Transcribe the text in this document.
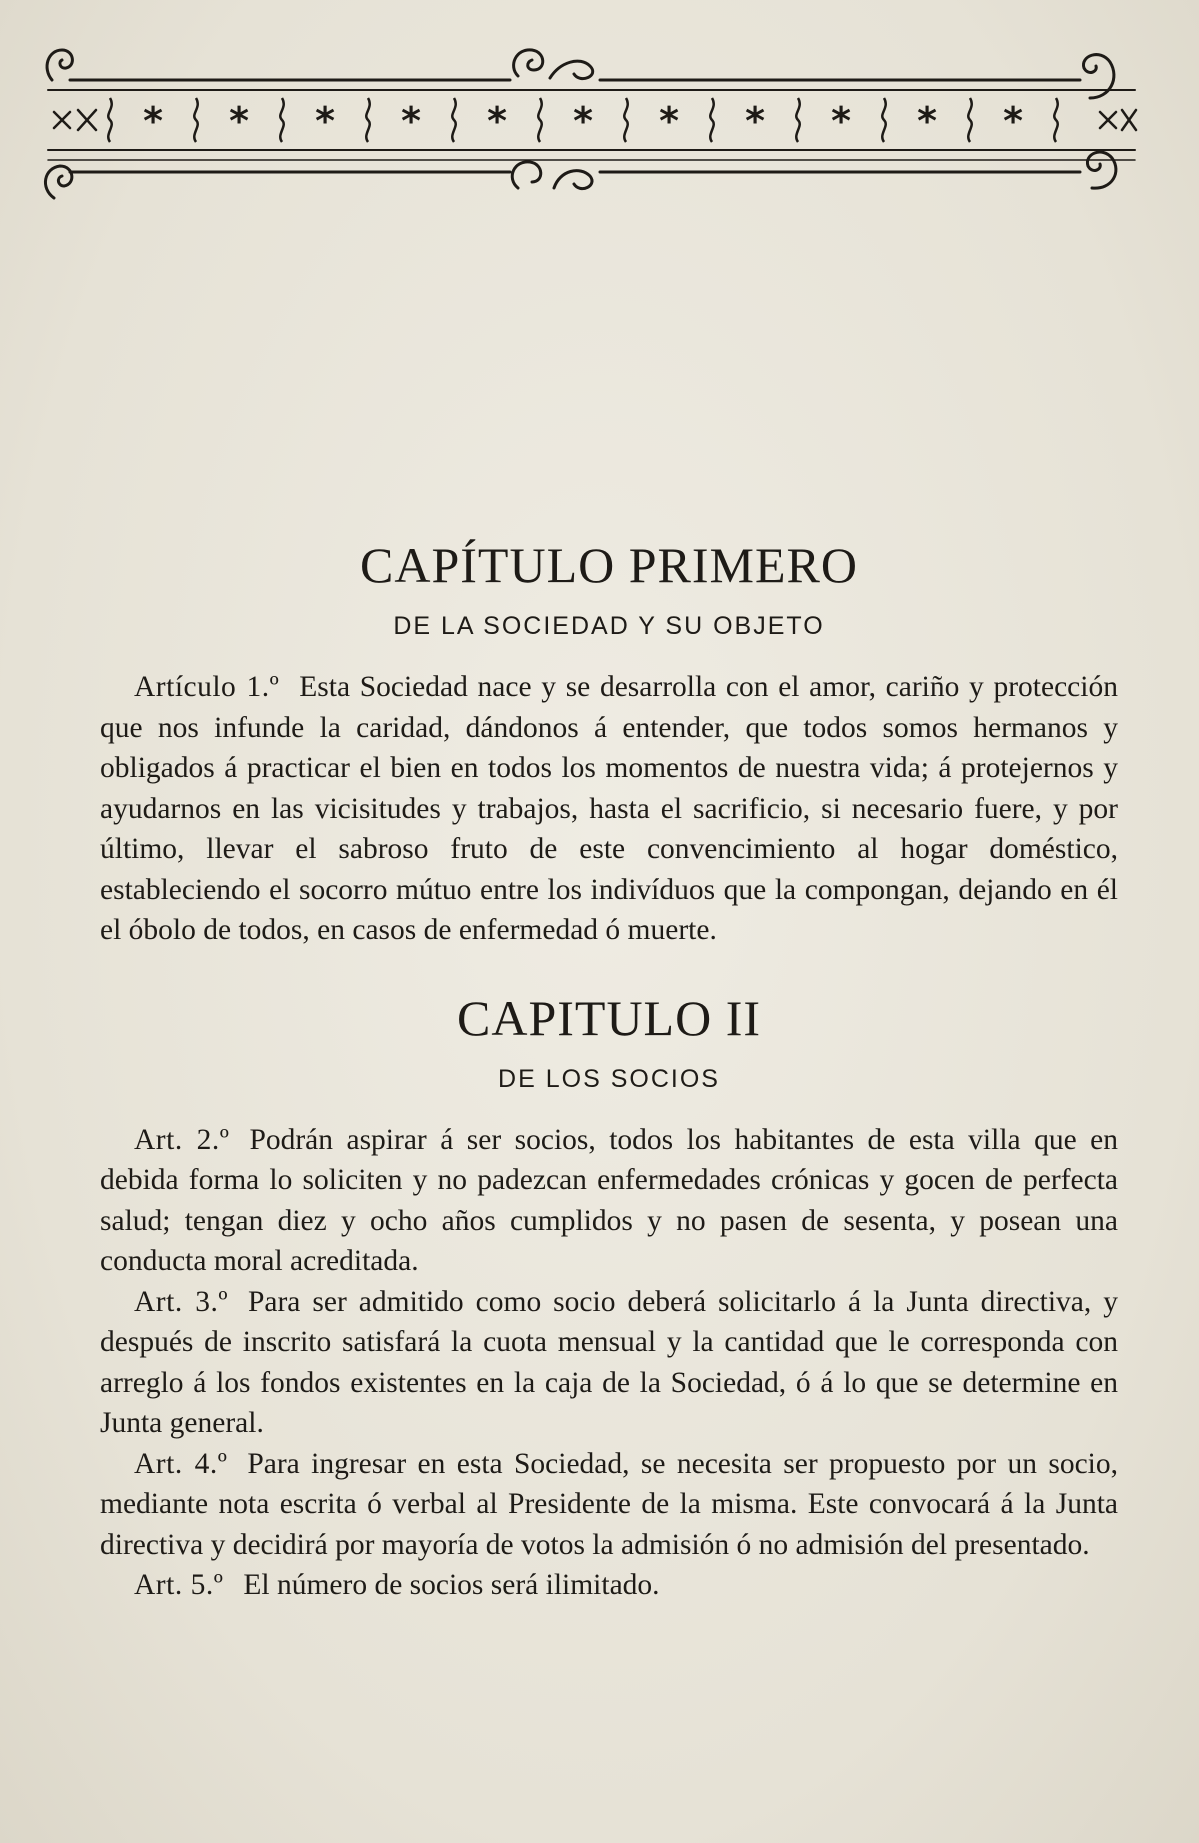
* * * * * * * * * * *
CAPÍTULO PRIMERO
DE LA SOCIEDAD Y SU OBJETO

Artículo 1.º Esta Sociedad nace y se desarrolla con el amor, cariño y protección que nos infunde la caridad, dándonos á entender, que todos somos hermanos y obligados á practicar el bien en todos los momentos de nuestra vida; á protejernos y ayudarnos en las vicisitudes y trabajos, hasta el sacrificio, si necesario fuere, y por último, llevar el sabroso fruto de este convencimiento al hogar doméstico, estableciendo el socorro mútuo entre los indivíduos que la compongan, dejando en él el óbolo de todos, en casos de enfermedad ó muerte.

CAPITULO II
DE LOS SOCIOS

Art. 2.º Podrán aspirar á ser socios, todos los habitantes de esta villa que en debida forma lo soliciten y no padezcan enfermedades crónicas y gocen de perfecta salud; tengan diez y ocho años cumplidos y no pasen de sesenta, y posean una conducta moral acreditada.

Art. 3.º Para ser admitido como socio deberá solicitarlo á la Junta directiva, y después de inscrito satisfará la cuota mensual y la cantidad que le corresponda con arreglo á los fondos existentes en la caja de la Sociedad, ó á lo que se determine en Junta general.

Art. 4.º Para ingresar en esta Sociedad, se necesita ser propuesto por un socio, mediante nota escrita ó verbal al Presidente de la misma. Este convocará á la Junta directiva y decidirá por mayoría de votos la admisión ó no admisión del presentado.

Art. 5.º El número de socios será ilimitado.
